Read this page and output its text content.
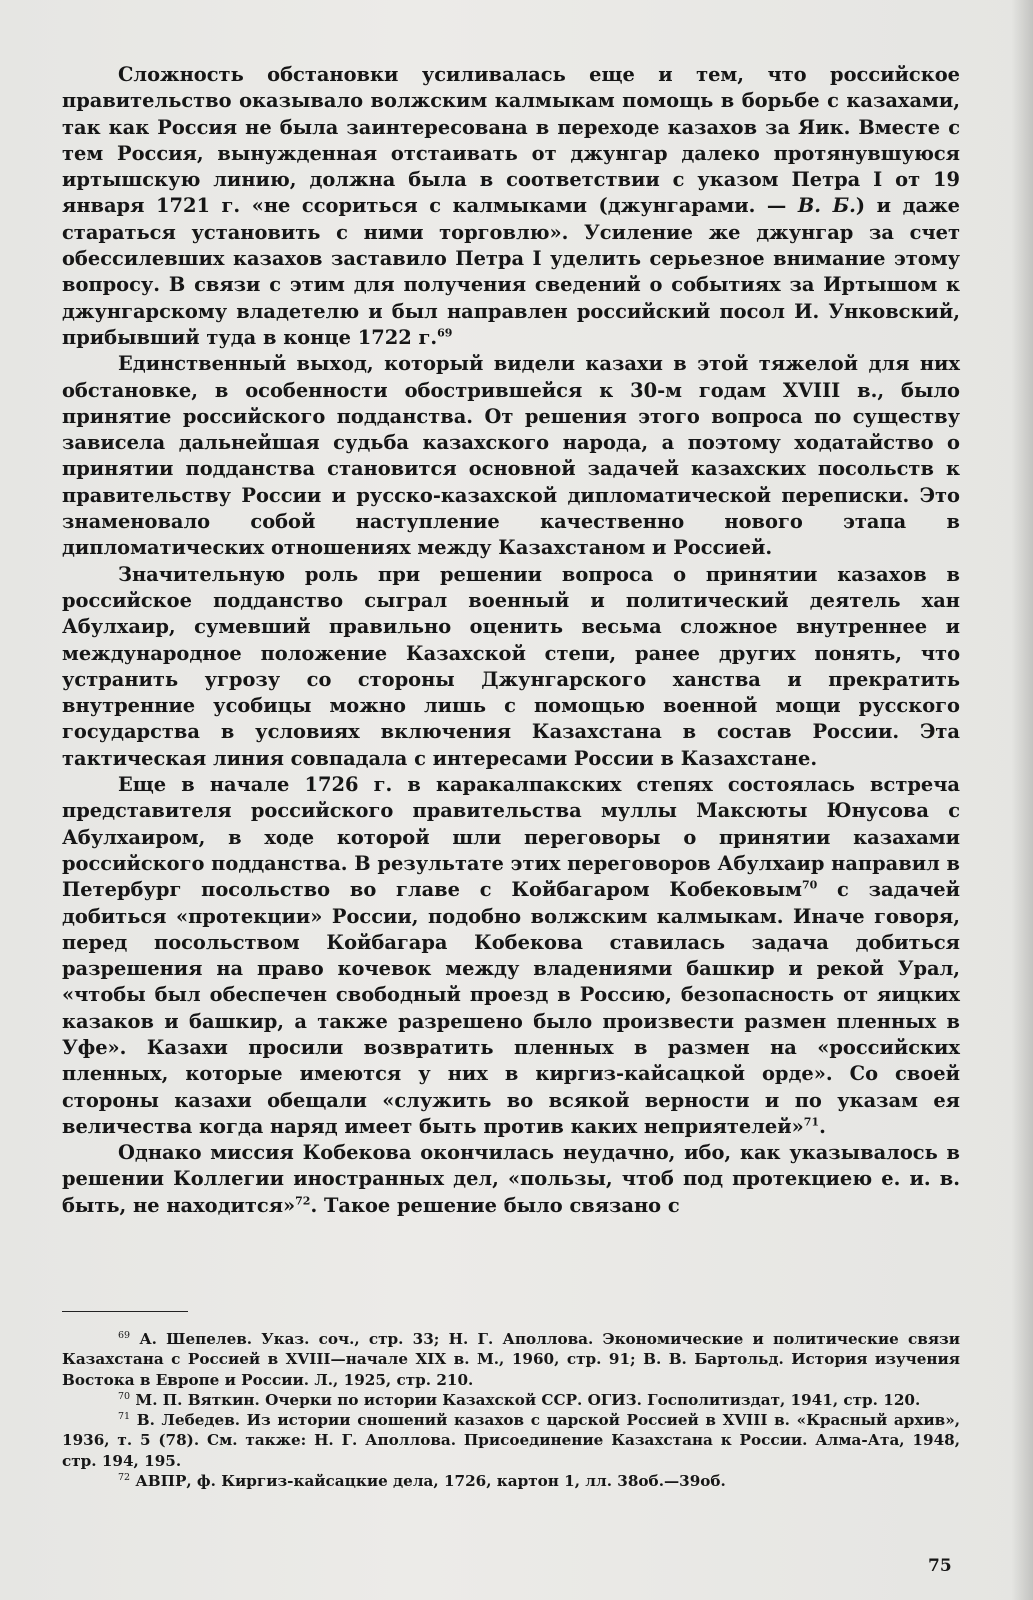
Сложность обстановки усиливалась еще и тем, что российское правительство оказывало волжским калмыкам помощь в борьбе с казахами, так как Россия не была заинтересована в переходе казахов за Яик. Вместе с тем Россия, вынужденная отстаивать от джунгар далеко протянувшуюся иртышскую линию, должна была в соответствии с указом Петра I от 19 января 1721 г. «не ссориться с калмыками (джунгарами. — В. Б.) и даже стараться установить с ними торговлю». Усиление же джунгар за счет обессилевших казахов заставило Петра I уделить серьезное внимание этому вопросу. В связи с этим для получения сведений о событиях за Иртышом к джунгарскому владетелю и был направлен российский посол И. Унковский, прибывший туда в конце 1722 г.$^{69}$

Единственный выход, который видели казахи в этой тяжелой для них обстановке, в особенности обострившейся к 30-м годам XVIII в., было принятие российского подданства. От решения этого вопроса по существу зависела дальнейшая судьба казахского народа, а поэтому ходатайство о принятии подданства становится основной задачей казахских посольств к правительству России и русско-казахской дипломатической переписки. Это знаменовало собой наступление качественно нового этапа в дипломатических отношениях между Казахстаном и Россией.

Значительную роль при решении вопроса о принятии казахов в российское подданство сыграл военный и политический деятель хан Абулхаир, сумевший правильно оценить весьма сложное внутреннее и международное положение Казахской степи, ранее других понять, что устранить угрозу со стороны Джунгарского ханства и прекратить внутренние усобицы можно лишь с помощью военной мощи русского государства в условиях включения Казахстана в состав России. Эта тактическая линия совпадала с интересами России в Казахстане.

Еще в начале 1726 г. в каракалпакских степях состоялась встреча представителя российского правительства муллы Максюты Юнусова с Абулхаиром, в ходе которой шли переговоры о принятии казахами российского подданства. В результате этих переговоров Абулхаир направил в Петербург посольство во главе с Койбагаром Кобековым$^{70}$ с задачей добиться «протекции» России, подобно волжским калмыкам. Иначе говоря, перед посольством Койбагара Кобекова ставилась задача добиться разрешения на право кочевок между владениями башкир и рекой Урал, «чтобы был обеспечен свободный проезд в Россию, безопасность от яицких казаков и башкир, а также разрешено было произвести размен пленных в Уфе». Казахи просили возвратить пленных в размен на «российских пленных, которые имеются у них в киргиз-кайсацкой орде». Со своей стороны казахи обещали «служить во всякой верности и по указам ея величества когда наряд имеет быть против каких неприятелей»$^{71}$.

Однако миссия Кобекова окончилась неудачно, ибо, как указывалось в решении Коллегии иностранных дел, «пользы, чтоб под протекциею е. и. в. быть, не находится»$^{72}$. Такое решение было связано с

$^{69}$ А. Шепелев. Указ. соч., стр. 33; Н. Г. Аполлова. Экономические и политические связи Казахстана с Россией в XVIII—начале XIX в. М., 1960, стр. 91; В. В. Бартольд. История изучения Востока в Европе и России. Л., 1925, стр. 210.

$^{70}$ М. П. Вяткин. Очерки по истории Казахской ССР. ОГИЗ. Госполитиздат, 1941, стр. 120.

$^{71}$ В. Лебедев. Из истории сношений казахов с царской Россией в XVIII в. «Красный архив», 1936, т. 5 (78). См. также: Н. Г. Аполлова. Присоединение Казахстана к России. Алма-Ата, 1948, стр. 194, 195.

$^{72}$ АВПР, ф. Киргиз-кайсацкие дела, 1726, картон 1, лл. 38об.—39об.

75
